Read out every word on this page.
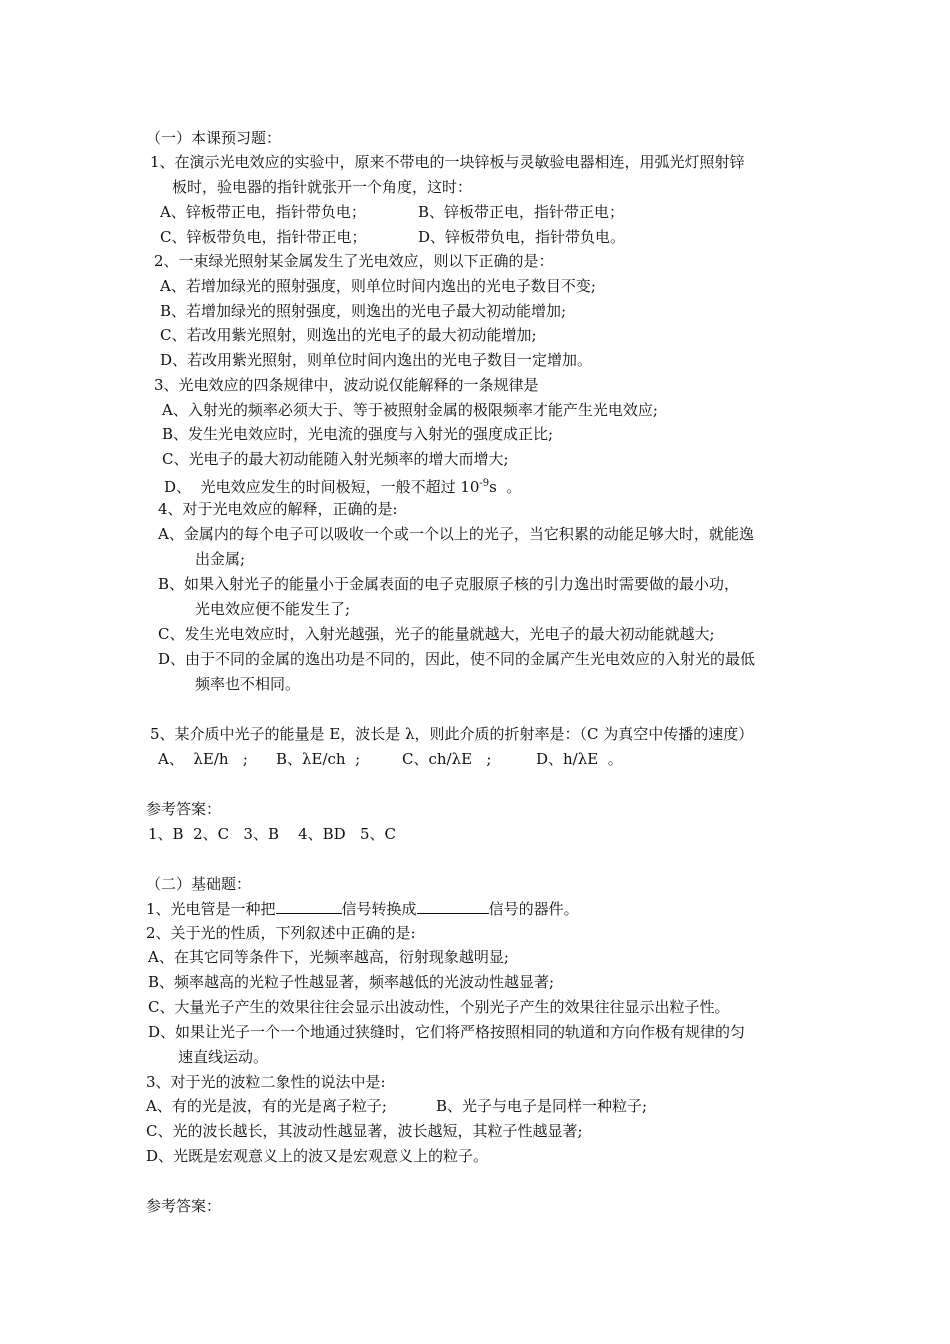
（一）本课预习题：
1、在演示光电效应的实验中，原来不带电的一块锌板与灵敏验电器相连，用弧光灯照射锌
板时，验电器的指针就张开一个角度，这时：
A、锌板带正电，指针带负电；	B、锌板带正电，指针带正电；
C、锌板带负电，指针带正电；	D、锌板带负电，指针带负电。
2、一束绿光照射某金属发生了光电效应，则以下正确的是：
A、若增加绿光的照射强度，则单位时间内逸出的光电子数目不变;
B、若增加绿光的照射强度，则逸出的光电子最大初动能增加;
C、若改用紫光照射，则逸出的光电子的最大初动能增加;
D、若改用紫光照射，则单位时间内逸出的光电子数目一定增加。
3、光电效应的四条规律中，波动说仅能解释的一条规律是
A、入射光的频率必须大于、等于被照射金属的极限频率才能产生光电效应;
B、发生光电效应时，光电流的强度与入射光的强度成正比;
C、光电子的最大初动能随入射光频率的增大而增大;
D、  光电效应发生的时间极短，一般不超过 $10^{-9}s$  。
4、对于光电效应的解释，正确的是:
A、金属内的每个电子可以吸收一个或一个以上的光子，当它积累的动能足够大时，就能逸
出金属;
B、如果入射光子的能量小于金属表面的电子克服原子核的引力逸出时需要做的最小功，
光电效应便不能发生了;
C、发生光电效应时，入射光越强，光子的能量就越大，光电子的最大初动能就越大;
D、由于不同的金属的逸出功是不同的，因此，使不同的金属产生光电效应的入射光的最低
频率也不相同。
5、某介质中光子的能量是 E，波长是 λ，则此介质的折射率是：（C 为真空中传播的速度）
A、  λE/h   ; B、λE/ch  ;	C、ch/λE   ;	D、h/λE  。
参考答案：
1、B  2、C   3、B    4、BD   5、C
（二）基础题：
1、光电管是一种把	信号转换成	信号的器件。
2、关于光的性质，下列叙述中正确的是:
A、在其它同等条件下，光频率越高，衍射现象越明显;
B、频率越高的光粒子性越显著，频率越低的光波动性越显著;
C、大量光子产生的效果往往会显示出波动性，个别光子产生的效果往往显示出粒子性。
D、如果让光子一个一个地通过狭缝时，它们将严格按照相同的轨道和方向作极有规律的匀
速直线运动。
3、对于光的波粒二象性的说法中是:
A、有的光是波，有的光是离子粒子;	B、光子与电子是同样一种粒子;
C、光的波长越长，其波动性越显著，波长越短，其粒子性越显著;
D、光既是宏观意义上的波又是宏观意义上的粒子。
参考答案：
